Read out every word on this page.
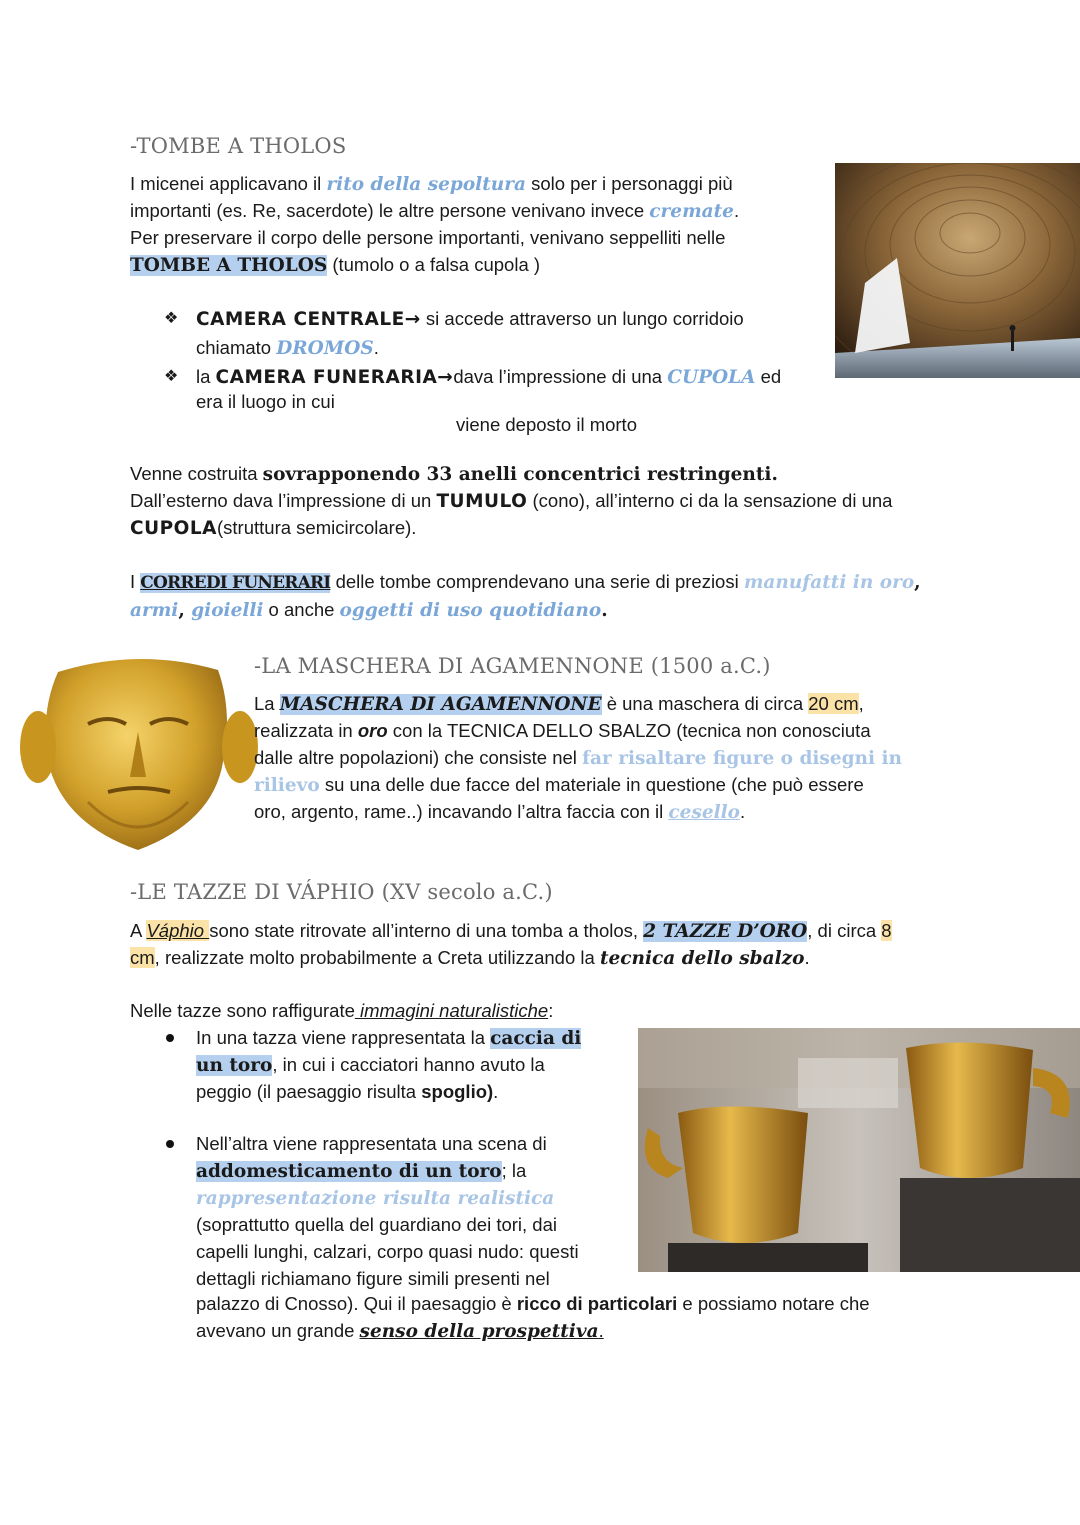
-TOMBE A THOLOS
I micenei applicavano il rito della sepoltura solo per i personaggi più
importanti (es. Re, sacerdote) le altre persone venivano invece cremate.
Per preservare il corpo delle persone importanti, venivano seppelliti nelle
TOMBE A THOLOS (tumolo o a falsa cupola )
❖ CAMERA CENTRALE→ si accede attraverso un lungo corridoio
chiamato DROMOS.
❖ la CAMERA FUNERARIA→dava l’impressione di una CUPOLA ed
era il luogo in cui
viene deposto il morto
Venne costruita sovrapponendo 33 anelli concentrici restringenti.
Dall’esterno dava l’impressione di un TUMULO (cono), all’interno ci da la sensazione di una
CUPOLA(struttura semicircolare).
I CORREDI FUNERARI delle tombe comprendevano una serie di preziosi manufatti in oro,
armi, gioielli o anche oggetti di uso quotidiano.
-LA MASCHERA DI AGAMENNONE (1500 a.C.)
La MASCHERA DI AGAMENNONE è una maschera di circa 20 cm,
realizzata in oro con la TECNICA DELLO SBALZO (tecnica non conosciuta
dalle altre popolazioni) che consiste nel far risaltare figure o disegni in
rilievo su una delle due facce del materiale in questione (che può essere
oro, argento, rame..) incavando l’altra faccia con il cesello.
-LE TAZZE DI VÁPHIO (XV secolo a.C.)
A Váphio sono state ritrovate all’interno di una tomba a tholos, 2 TAZZE D’ORO, di circa 8
cm, realizzate molto probabilmente a Creta utilizzando la tecnica dello sbalzo.
Nelle tazze sono raffigurate immagini naturalistiche:
In una tazza viene rappresentata la caccia di
un toro, in cui i cacciatori hanno avuto la
peggio (il paesaggio risulta spoglio).
Nell’altra viene rappresentata una scena di
addomesticamento di un toro; la
rappresentazione risulta realistica
(soprattutto quella del guardiano dei tori, dai
capelli lunghi, calzari, corpo quasi nudo: questi
dettagli richiamano figure simili presenti nel
palazzo di Cnosso). Qui il paesaggio è ricco di particolari e possiamo notare che
avevano un grande senso della prospettiva.
